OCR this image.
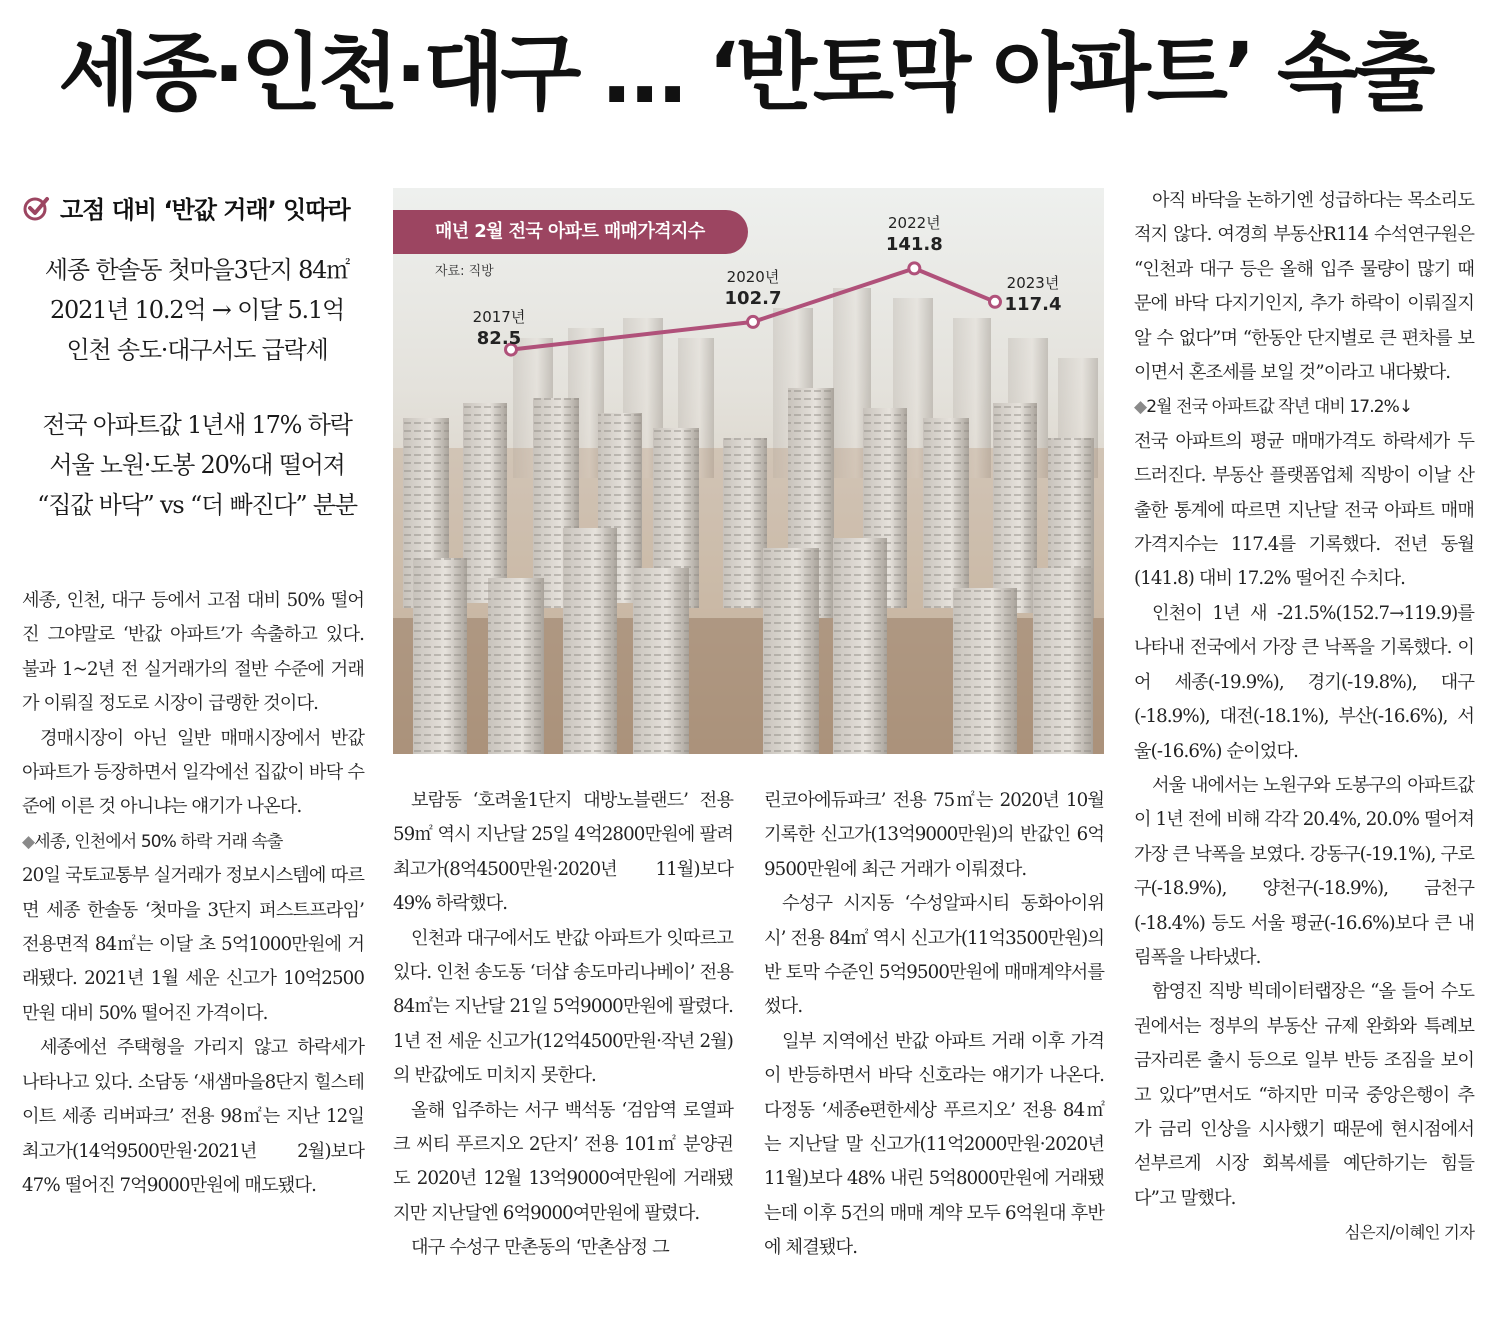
세종·인천·대구 … ‘반토막 아파트’ 속출
고점 대비 ‘반값 거래’ 잇따라
세종 한솔동 첫마을3단지 84㎡
2021년 10.2억 → 이달 5.1억
인천 송도·대구서도 급락세
전국 아파트값 1년새 17% 하락
서울 노원·도봉 20%대 떨어져
“집값 바닥” vs “더 빠진다” 분분

세종, 인천, 대구 등에서 고점 대비 50% 떨어진 그야말로 ‘반값 아파트’가 속출하고 있다. 불과 1~2년 전 실거래가의 절반 수준에 거래가 이뤄질 정도로 시장이 급랭한 것이다.

경매시장이 아닌 일반 매매시장에서 반값 아파트가 등장하면서 일각에선 집값이 바닥 수준에 이른 것 아니냐는 얘기가 나온다.

◆ 세종, 인천에서 50% 하락 거래 속출

20일 국토교통부 실거래가 정보시스템에 따르면 세종 한솔동 ‘첫마을 3단지 퍼스트프라임’ 전용면적 84㎡는 이달 초 5억1000만원에 거래됐다. 2021년 1월 세운 신고가 10억2500만원 대비 50% 떨어진 가격이다.

세종에선 주택형을 가리지 않고 하락세가 나타나고 있다. 소담동 ‘새샘마을8단지 힐스테이트 세종 리버파크’ 전용 98㎡는 지난 12일 최고가(14억9500만원·2021년 2월)보다 47% 떨어진 7억9000만원에 매도됐다.

매년 2월 전국 아파트 매매가격지수
자료: 직방
2017년
82.5
2020년
102.7
2022년
141.8
2023년
117.4

보람동 ‘호려울1단지 대방노블랜드’ 전용 59㎡ 역시 지난달 25일 4억2800만원에 팔려 최고가(8억4500만원·2020년 11월)보다 49% 하락했다.

인천과 대구에서도 반값 아파트가 잇따르고 있다. 인천 송도동 ‘더샵 송도마리나베이’ 전용 84㎡는 지난달 21일 5억9000만원에 팔렸다. 1년 전 세운 신고가(12억4500만원·작년 2월)의 반값에도 미치지 못한다.

올해 입주하는 서구 백석동 ‘검암역 로열파크 씨티 푸르지오 2단지’ 전용 101㎡ 분양권도 2020년 12월 13억9000여만원에 거래됐지만 지난달엔 6억9000여만원에 팔렸다.

대구 수성구 만촌동의 ‘만촌삼정 그

린코아에듀파크’ 전용 75㎡는 2020년 10월 기록한 신고가(13억9000만원)의 반값인 6억9500만원에 최근 거래가 이뤄졌다.

수성구 시지동 ‘수성알파시티 동화아이위시’ 전용 84㎡ 역시 신고가(11억3500만원)의 반 토막 수준인 5억9500만원에 매매계약서를 썼다.

일부 지역에선 반값 아파트 거래 이후 가격이 반등하면서 바닥 신호라는 얘기가 나온다. 다정동 ‘세종e편한세상 푸르지오’ 전용 84㎡는 지난달 말 신고가(11억2000만원·2020년 11월)보다 48% 내린 5억8000만원에 거래됐는데 이후 5건의 매매 계약 모두 6억원대 후반에 체결됐다.

아직 바닥을 논하기엔 성급하다는 목소리도 적지 않다. 여경희 부동산R114 수석연구원은 “인천과 대구 등은 올해 입주 물량이 많기 때문에 바닥 다지기인지, 추가 하락이 이뤄질지 알 수 없다”며 “한동안 단지별로 큰 편차를 보이면서 혼조세를 보일 것”이라고 내다봤다.

◆ 2월 전국 아파트값 작년 대비 17.2%↓

전국 아파트의 평균 매매가격도 하락세가 두드러진다. 부동산 플랫폼업체 직방이 이날 산출한 통계에 따르면 지난달 전국 아파트 매매가격지수는 117.4를 기록했다. 전년 동월(141.8) 대비 17.2% 떨어진 수치다.

인천이 1년 새 -21.5%(152.7→119.9)를 나타내 전국에서 가장 큰 낙폭을 기록했다. 이어 세종(-19.9%), 경기(-19.8%), 대구(-18.9%), 대전(-18.1%), 부산(-16.6%), 서울(-16.6%) 순이었다.

서울 내에서는 노원구와 도봉구의 아파트값이 1년 전에 비해 각각 20.4%, 20.0% 떨어져 가장 큰 낙폭을 보였다. 강동구(-19.1%), 구로구(-18.9%), 양천구(-18.9%), 금천구(-18.4%) 등도 서울 평균(-16.6%)보다 큰 내림폭을 나타냈다.

함영진 직방 빅데이터랩장은 “올 들어 수도권에서는 정부의 부동산 규제 완화와 특례보금자리론 출시 등으로 일부 반등 조짐을 보이고 있다”면서도 “하지만 미국 중앙은행이 추가 금리 인상을 시사했기 때문에 현시점에서 섣부르게 시장 회복세를 예단하기는 힘들다”고 말했다.

심은지/이혜인 기자
